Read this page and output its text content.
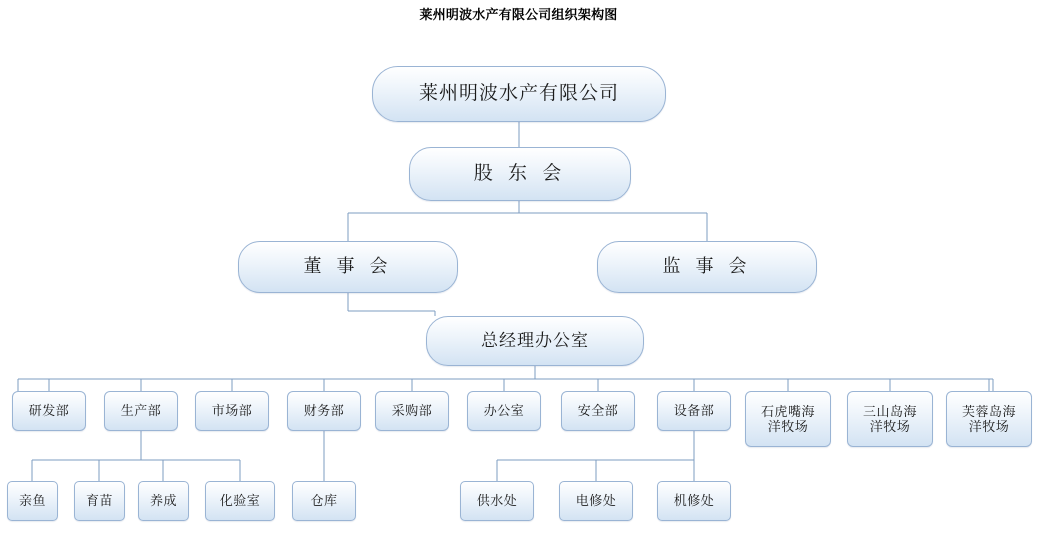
莱州明波水产有限公司组织架构图
莱州明波水产有限公司
股 东 会
董 事 会	监 事 会
总经理办公室
研发部	生产部	市场部	财务部	采购部	办公室	安全部	设备部	石虎嘴海
洋牧场
三山岛海
洋牧场
芙蓉岛海
洋牧场
亲鱼	育苗	养成	化验室	仓库	供水处	电修处	机修处
